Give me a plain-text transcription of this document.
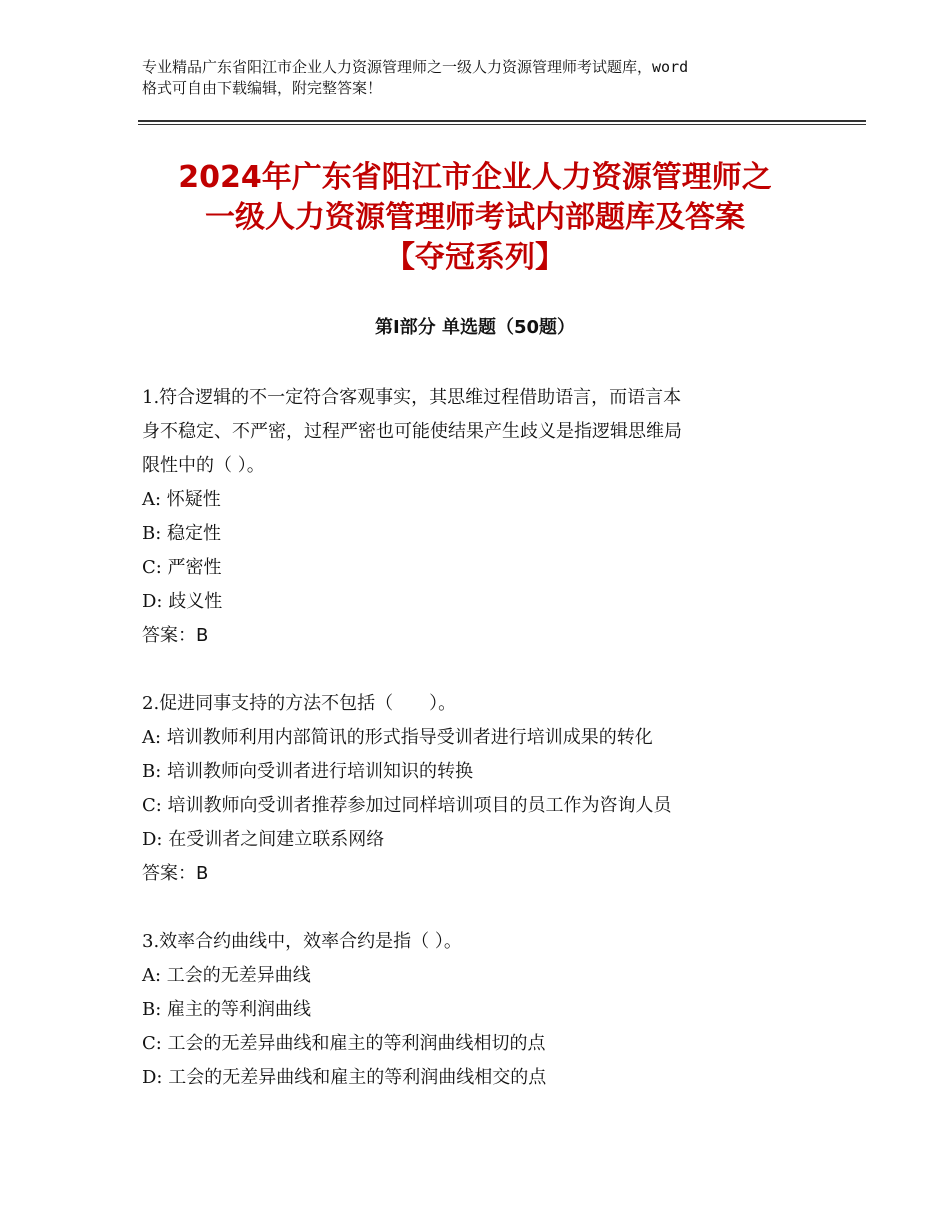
专业精品广东省阳江市企业人力资源管理师之一级人力资源管理师考试题库，word
格式可自由下载编辑，附完整答案！
2024年广东省阳江市企业人力资源管理师之
一级人力资源管理师考试内部题库及答案
【夺冠系列】
第Ⅰ部分 单选题（50题）
1.符合逻辑的不一定符合客观事实，其思维过程借助语言，而语言本
身不稳定、不严密，过程严密也可能使结果产生歧义是指逻辑思维局
限性中的（ ）。
A: 怀疑性
B: 稳定性
C: 严密性
D: 歧义性
答案：B
2.促进同事支持的方法不包括（　　）。
A: 培训教师利用内部简讯的形式指导受训者进行培训成果的转化
B: 培训教师向受训者进行培训知识的转换
C: 培训教师向受训者推荐参加过同样培训项目的员工作为咨询人员
D: 在受训者之间建立联系网络
答案：B
3.效率合约曲线中，效率合约是指（ ）。
A: 工会的无差异曲线
B: 雇主的等利润曲线
C: 工会的无差异曲线和雇主的等利润曲线相切的点
D: 工会的无差异曲线和雇主的等利润曲线相交的点
